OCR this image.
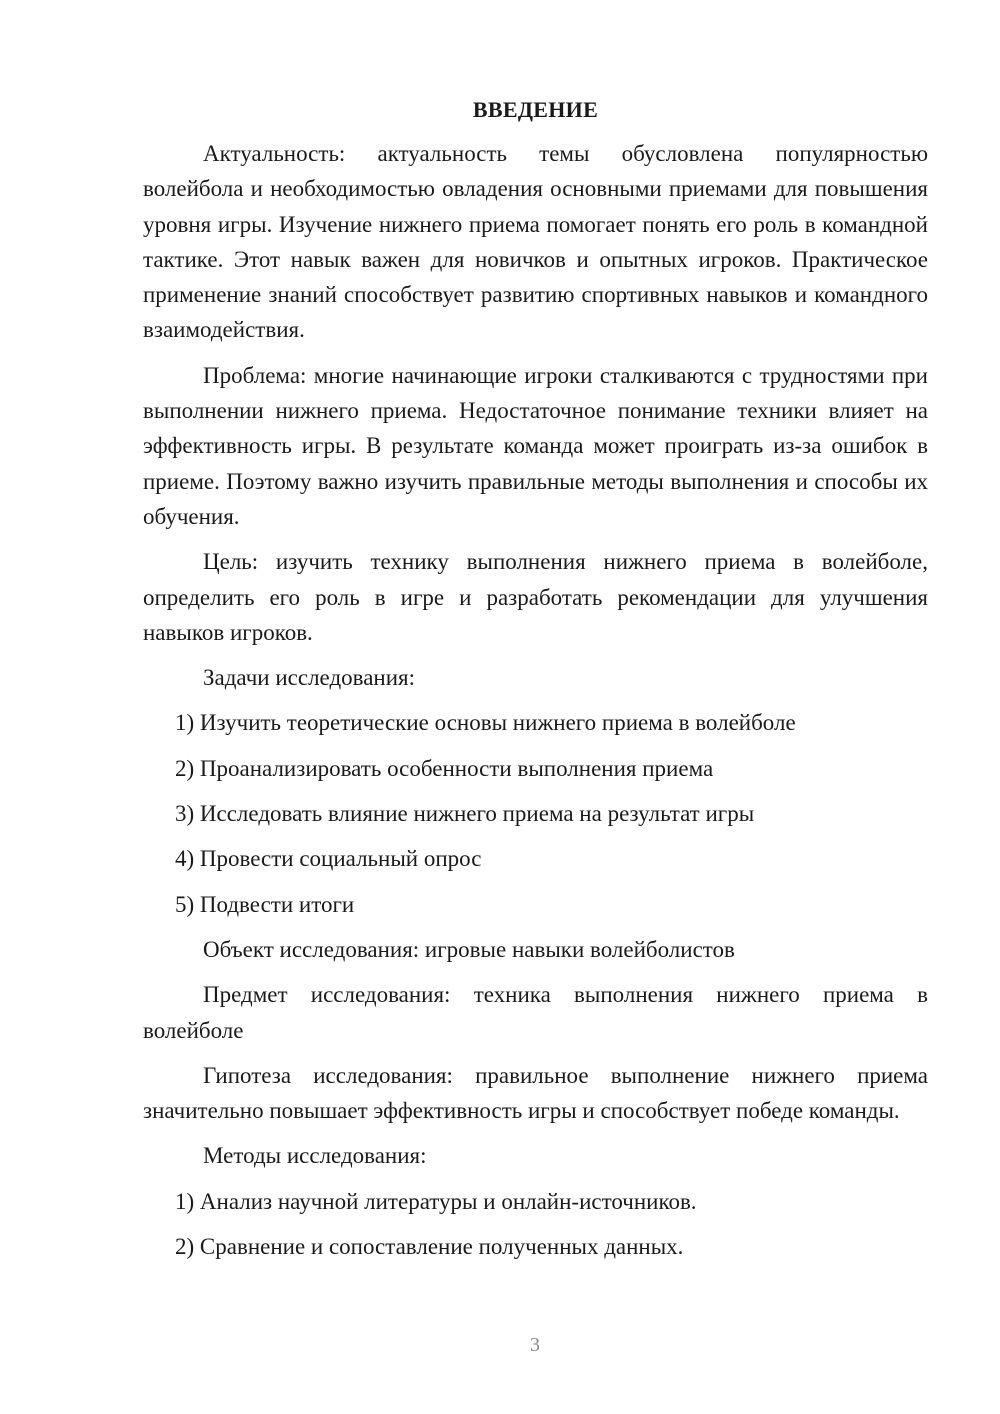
ВВЕДЕНИЕ

Актуальность: актуальность темы обусловлена популярностью волейбола и необходимостью овладения основными приемами для повышения уровня игры. Изучение нижнего приема помогает понять его роль в командной тактике. Этот навык важен для новичков и опытных игроков. Практическое применение знаний способствует развитию спортивных навыков и командного взаимодействия.

Проблема: многие начинающие игроки сталкиваются с трудностями при выполнении нижнего приема. Недостаточное понимание техники влияет на эффективность игры. В результате команда может проиграть из-за ошибок в приеме. Поэтому важно изучить правильные методы выполнения и способы их обучения.

Цель: изучить технику выполнения нижнего приема в волейболе, определить его роль в игре и разработать рекомендации для улучшения навыков игроков.

Задачи исследования:

1) Изучить теоретические основы нижнего приема в волейболе
2) Проанализировать особенности выполнения приема
3) Исследовать влияние нижнего приема на результат игры
4) Провести социальный опрос
5) Подвести итоги

Объект исследования: игровые навыки волейболистов

Предмет исследования: техника выполнения нижнего приема в волейболе

Гипотеза исследования: правильное выполнение нижнего приема значительно повышает эффективность игры и способствует победе команды.

Методы исследования:

1) Анализ научной литературы и онлайн-источников.
2) Сравнение и сопоставление полученных данных.
3
